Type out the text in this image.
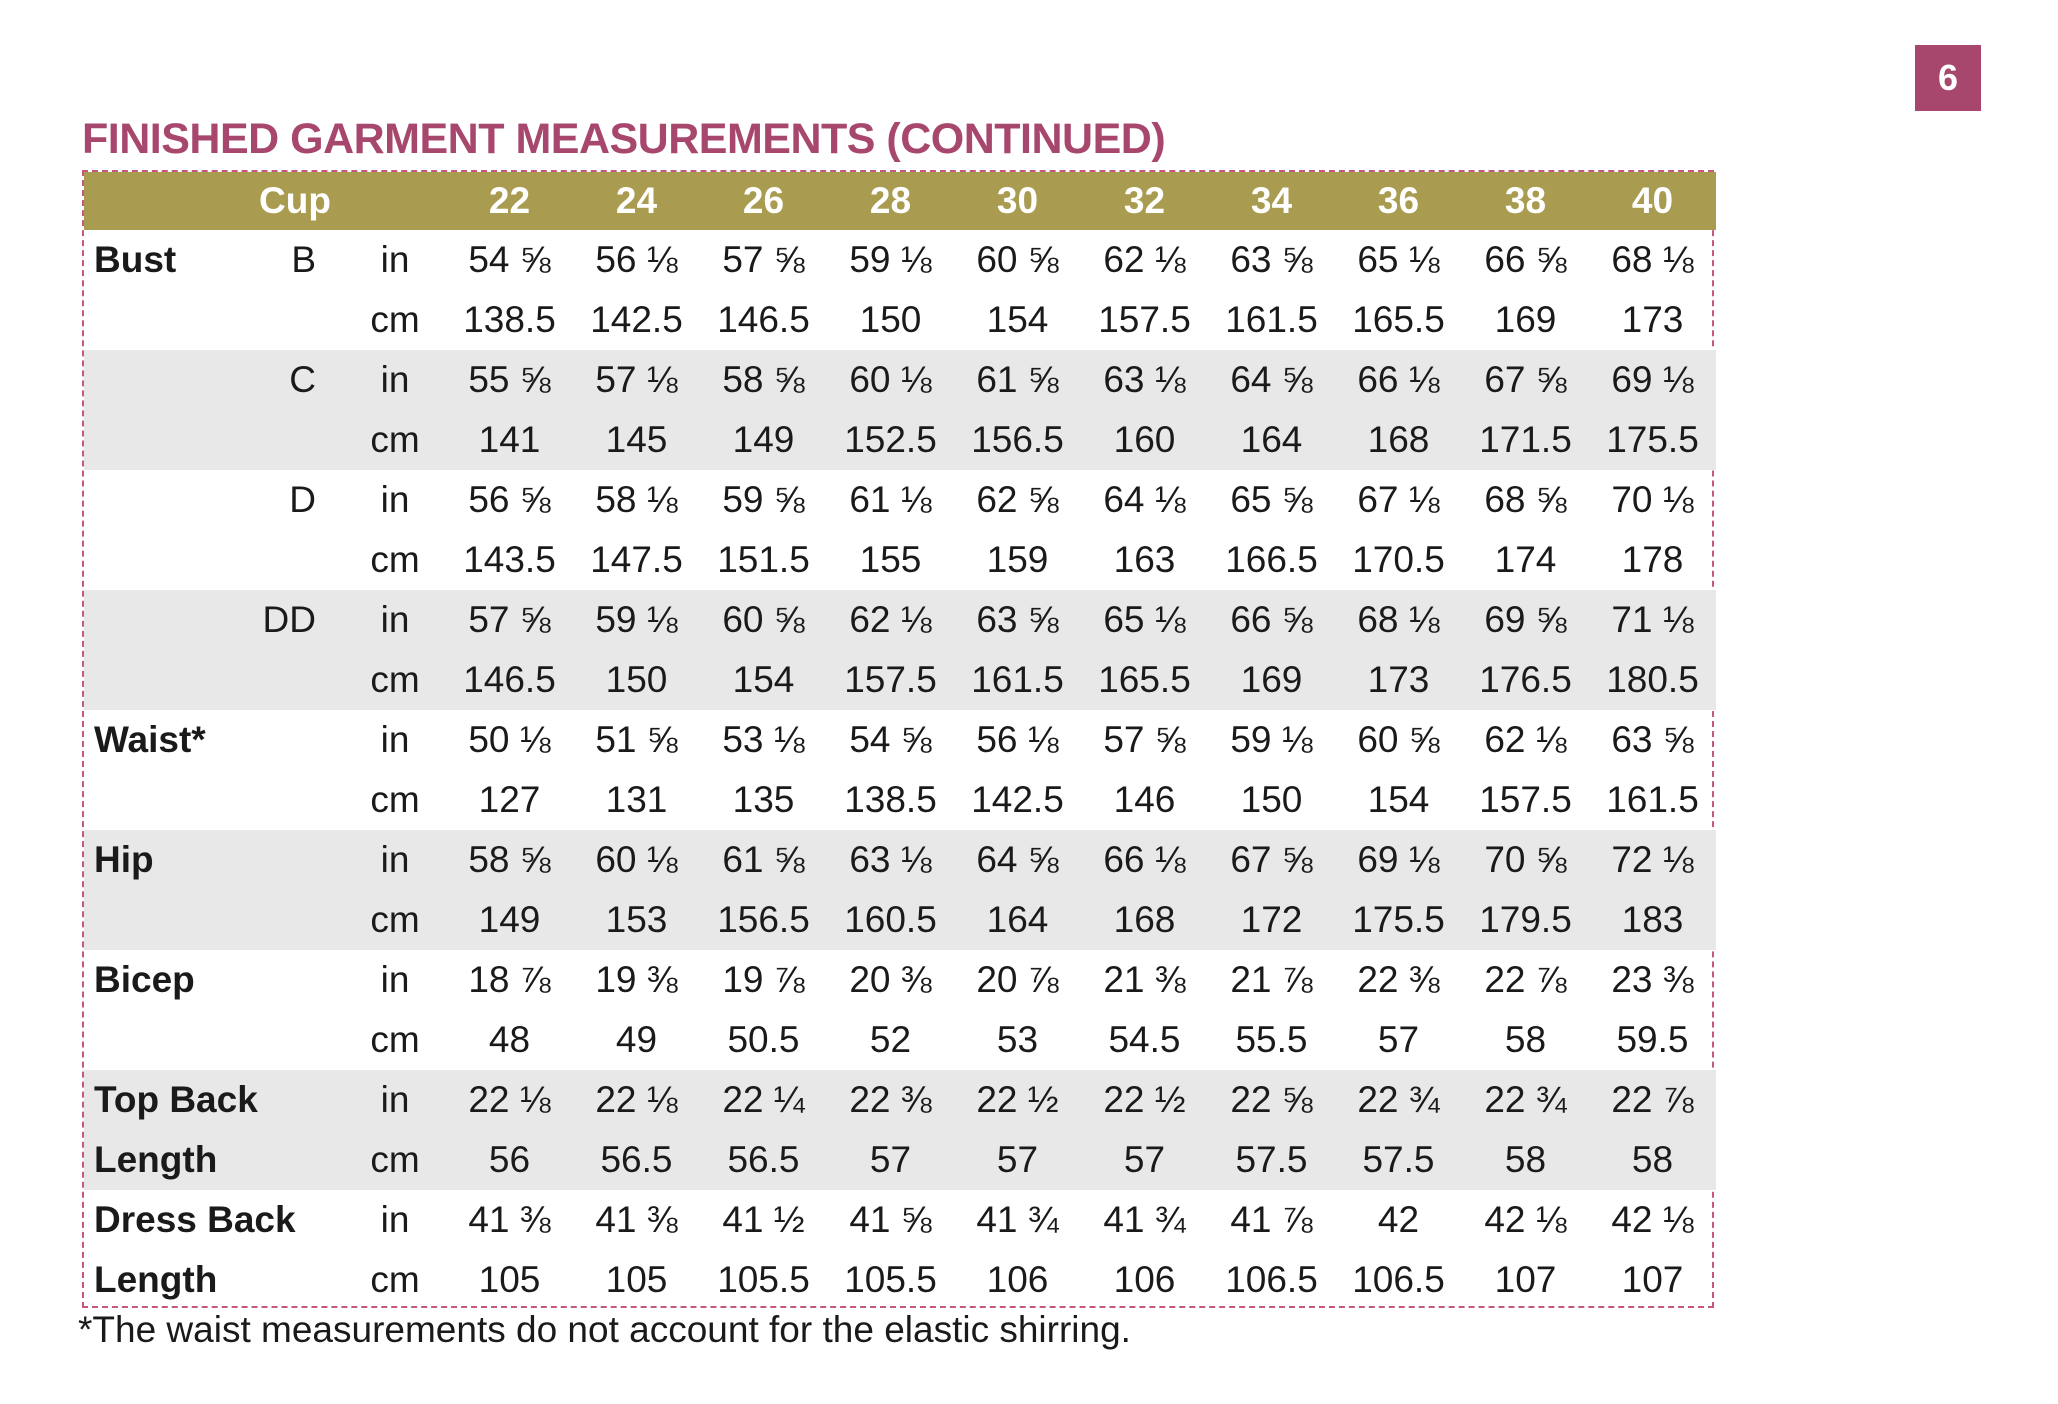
6
FINISHED GARMENT MEASUREMENTS (CONTINUED)
	Cup		22	24	26	28	30	32	34	36	38	40
Bust	B	in	54 ⅝	56 ⅛	57 ⅝	59 ⅛	60 ⅝	62 ⅛	63 ⅝	65 ⅛	66 ⅝	68 ⅛
		cm	138.5	142.5	146.5	150	154	157.5	161.5	165.5	169	173
	C	in	55 ⅝	57 ⅛	58 ⅝	60 ⅛	61 ⅝	63 ⅛	64 ⅝	66 ⅛	67 ⅝	69 ⅛
		cm	141	145	149	152.5	156.5	160	164	168	171.5	175.5
	D	in	56 ⅝	58 ⅛	59 ⅝	61 ⅛	62 ⅝	64 ⅛	65 ⅝	67 ⅛	68 ⅝	70 ⅛
		cm	143.5	147.5	151.5	155	159	163	166.5	170.5	174	178
	DD	in	57 ⅝	59 ⅛	60 ⅝	62 ⅛	63 ⅝	65 ⅛	66 ⅝	68 ⅛	69 ⅝	71 ⅛
		cm	146.5	150	154	157.5	161.5	165.5	169	173	176.5	180.5
Waist*		in	50 ⅛	51 ⅝	53 ⅛	54 ⅝	56 ⅛	57 ⅝	59 ⅛	60 ⅝	62 ⅛	63 ⅝
		cm	127	131	135	138.5	142.5	146	150	154	157.5	161.5
Hip		in	58 ⅝	60 ⅛	61 ⅝	63 ⅛	64 ⅝	66 ⅛	67 ⅝	69 ⅛	70 ⅝	72 ⅛
		cm	149	153	156.5	160.5	164	168	172	175.5	179.5	183
Bicep		in	18 ⅞	19 ⅜	19 ⅞	20 ⅜	20 ⅞	21 ⅜	21 ⅞	22 ⅜	22 ⅞	23 ⅜
		cm	48	49	50.5	52	53	54.5	55.5	57	58	59.5
Top Back		in	22 ⅛	22 ⅛	22 ¼	22 ⅜	22 ½	22 ½	22 ⅝	22 ¾	22 ¾	22 ⅞
Length		cm	56	56.5	56.5	57	57	57	57.5	57.5	58	58
Dress Back		in	41 ⅜	41 ⅜	41 ½	41 ⅝	41 ¾	41 ¾	41 ⅞	42	42 ⅛	42 ⅛
Length		cm	105	105	105.5	105.5	106	106	106.5	106.5	107	107

*The waist measurements do not account for the elastic shirring.
